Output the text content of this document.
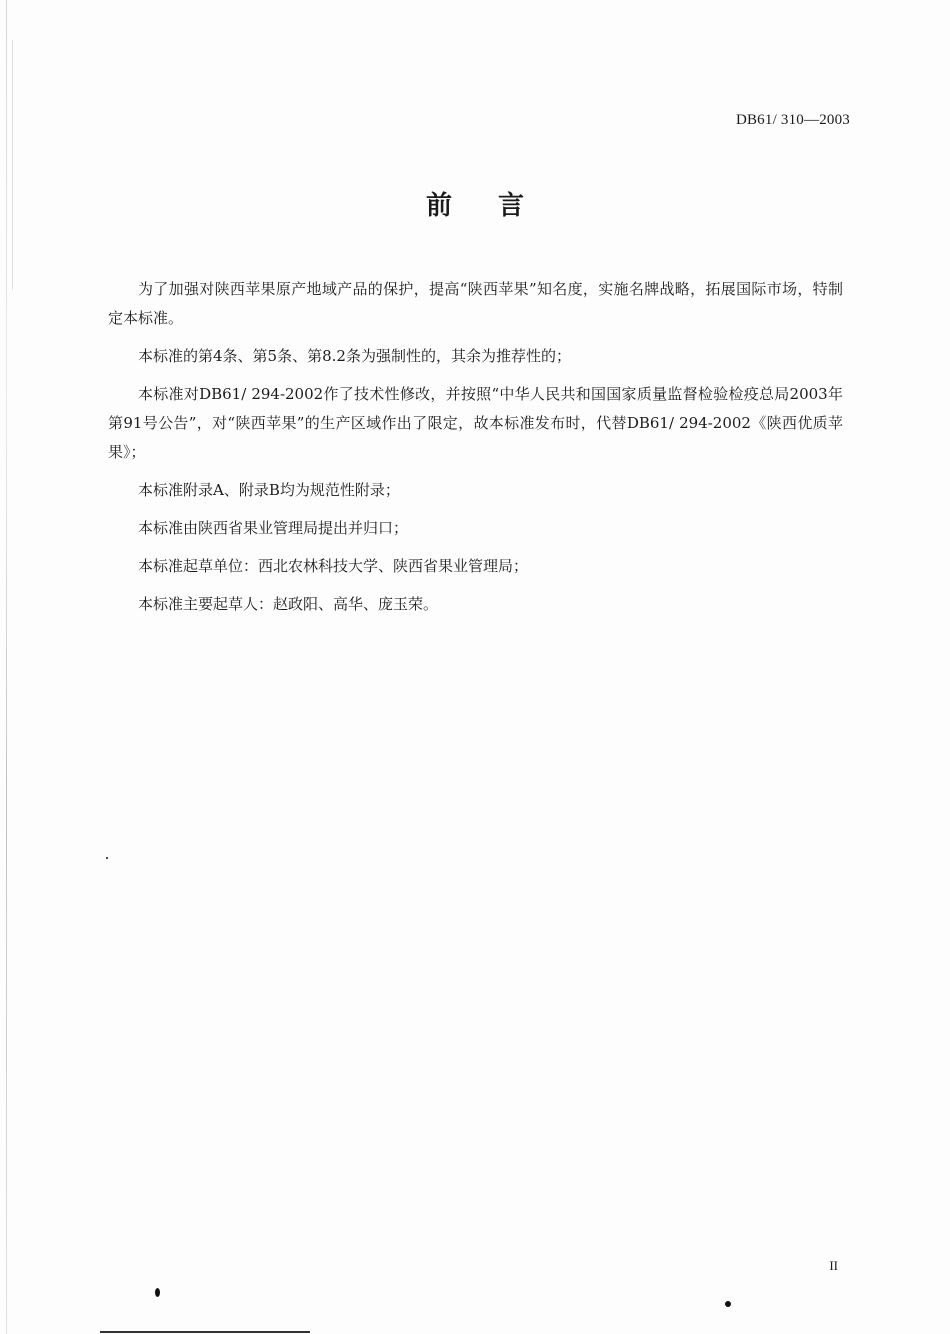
DB61/ 310—2003
前言

为了加强对陕西苹果原产地域产品的保护，提高“陕西苹果”知名度，实施名牌战略，拓展国际市场，特制定本标准。

本标准的第4条、第5条、第8.2条为强制性的，其余为推荐性的；

本标准对DB61/ 294-2002作了技术性修改，并按照“中华人民共和国国家质量监督检验检疫总局2003年第91号公告”，对“陕西苹果”的生产区域作出了限定，故本标准发布时，代替DB61/ 294-2002《陕西优质苹果》；

本标准附录A、附录B均为规范性附录；

本标准由陕西省果业管理局提出并归口；

本标准起草单位：西北农林科技大学、陕西省果业管理局；

本标准主要起草人：赵政阳、高华、庞玉荣。

II
